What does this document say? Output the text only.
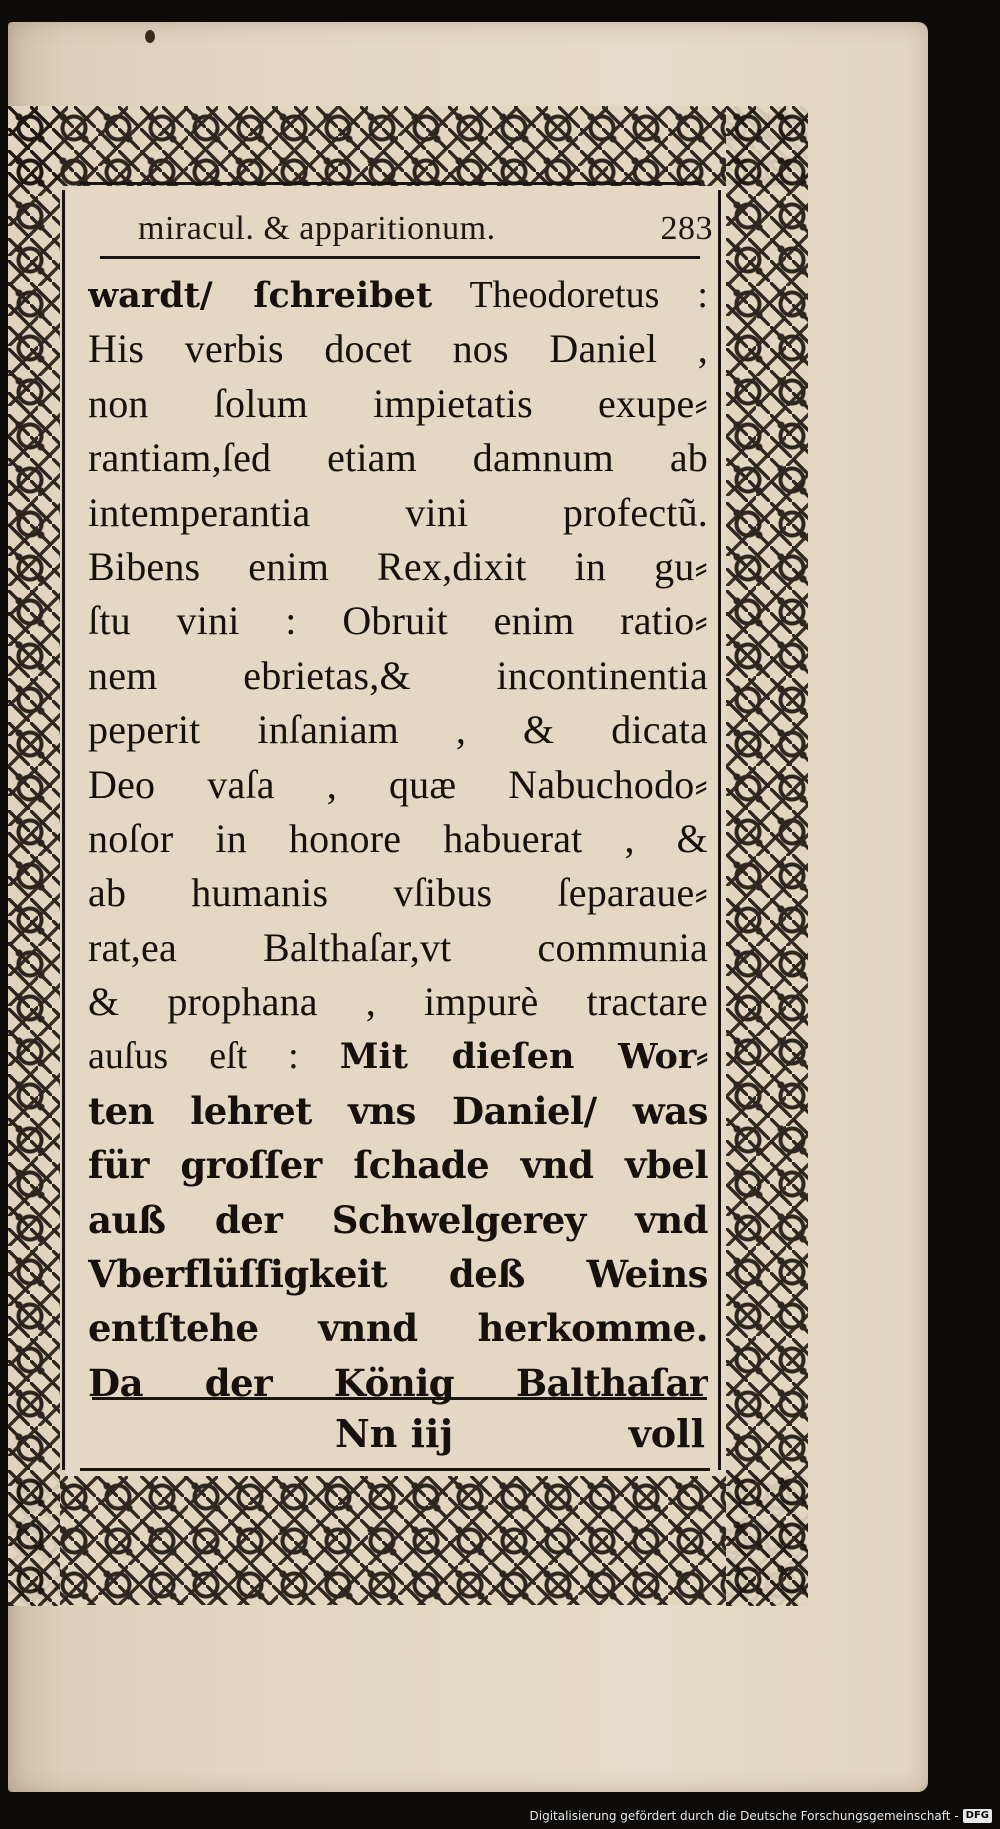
miracul. & apparitionum.	283
wardt/ ſchreibet Theodoretus :
His verbis docet nos Daniel ,
non ſolum impietatis exupe⸗
rantiam,ſed etiam damnum ab
intemperantia vini profectũ.
Bibens enim Rex,dixit in gu⸗
ſtu vini : Obruit enim ratio⸗
nem ebrietas,& incontinentia
peperit inſaniam , & dicata
Deo vaſa , quæ Nabuchodo⸗
noſor in honore habuerat , &
ab humanis vſibus ſeparaue⸗
rat,ea Balthaſar,vt communia
& prophana , impurè tractare
auſus eſt : Mit dieſen Wor⸗
ten lehret vns Daniel/ was
für groſſer ſchade vnd vbel
auß der Schwelgerey vnd
Vberflüſſigkeit deß Weins
entſtehe vnnd herkomme.
Da der König Balthaſar
Nn iij	voll
Digitalisierung gefördert durch die Deutsche Forschungsgemeinschaft - DFG
